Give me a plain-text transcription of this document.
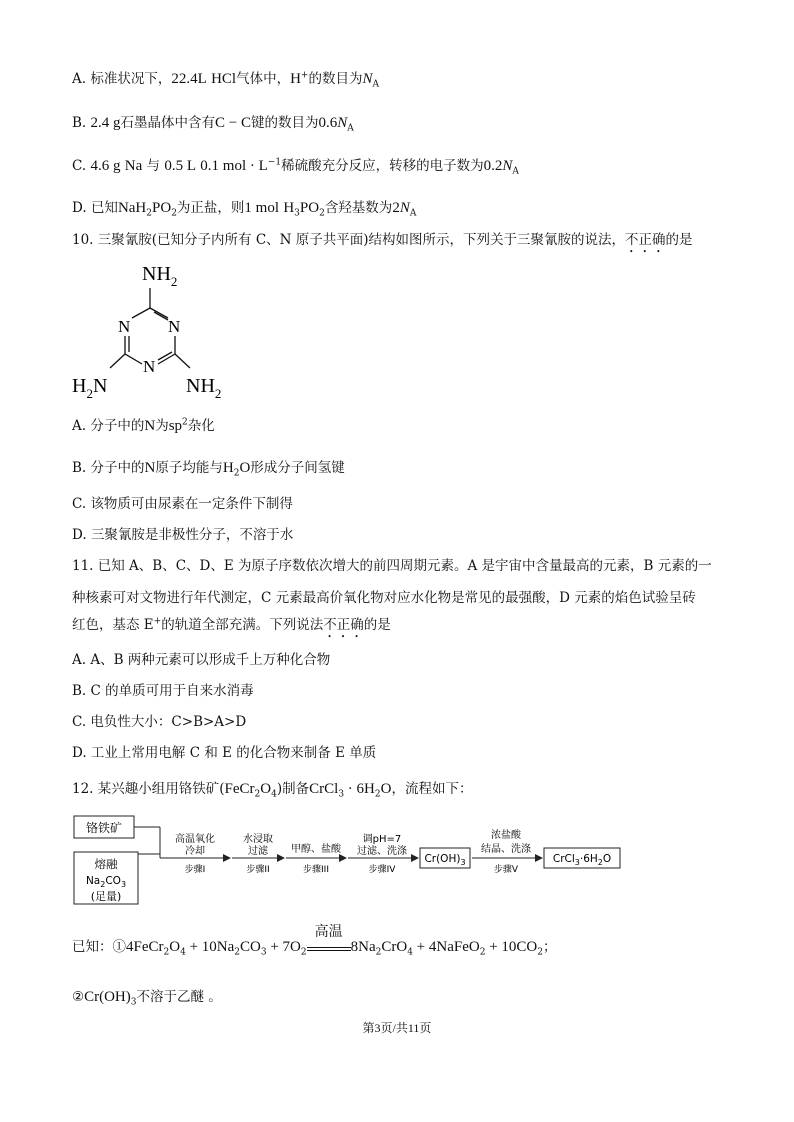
A. 标准状况下，22.4L HCl气体中，H+的数目为$N_A$
B. 2.4 g石墨晶体中含有C − C键的数目为$0.6N_A$
C. 4.6 g Na 与 0.5 L 0.1 mol · $L^{-1}$稀硫酸充分反应，转移的电子数为$0.2N_A$
D. 已知$NaH_2PO_2$为正盐，则1 mol $H_3PO_2$含羟基数为$2N_A$
10. 三聚氰胺(已知分子内所有 C、N 原子共平面)结构如图所示，下列关于三聚氰胺的说法，不正确的是
$NH_2$
N N
N
$H_2N$	$NH_2$
A. 分子中的N为$sp^2$杂化
B. 分子中的N原子均能与$H_2O$形成分子间氢键
C. 该物质可由尿素在一定条件下制得
D. 三聚氰胺是非极性分子，不溶于水
11. 已知 A、B、C、D、E 为原子序数依次增大的前四周期元素。A 是宇宙中含量最高的元素，B 元素的一
种核素可对文物进行年代测定，C 元素最高价氧化物对应水化物是常见的最强酸，D 元素的焰色试验呈砖
红色，基态 E+的轨道全部充满。下列说法不正确的是
A. A、B 两种元素可以形成千上万种化合物
B. C 的单质可用于自来水消毒
C. 电负性大小：C>B>A>D
D. 工业上常用电解 C 和 E 的化合物来制备 E 单质
12. 某兴趣小组用铬铁矿$(FeCr_2O_4)$制备CrCl$_3$ · $6H_2O$，流程如下：
铬铁矿
熔融
$Na_2CO_3$
(足量)
高温氧化
冷却
步骤I
水浸取
过滤
步骤II
甲醇、盐酸
步骤III
调pH=7
过滤、洗涤
步骤IV
$Cr(OH)_3$
浓盐酸
结晶、洗涤
步骤V
$CrCl_3\cdot 6H_2O$
已知：$①4FeCr_2O_4 + 10Na_2CO_3 + 7O_2$
高温
$8Na_2CrO_4$ + 4NaFeO$_2$ + $10CO_2$；
$②Cr(OH)_3$不溶于乙醚 。
第3页/共11页
